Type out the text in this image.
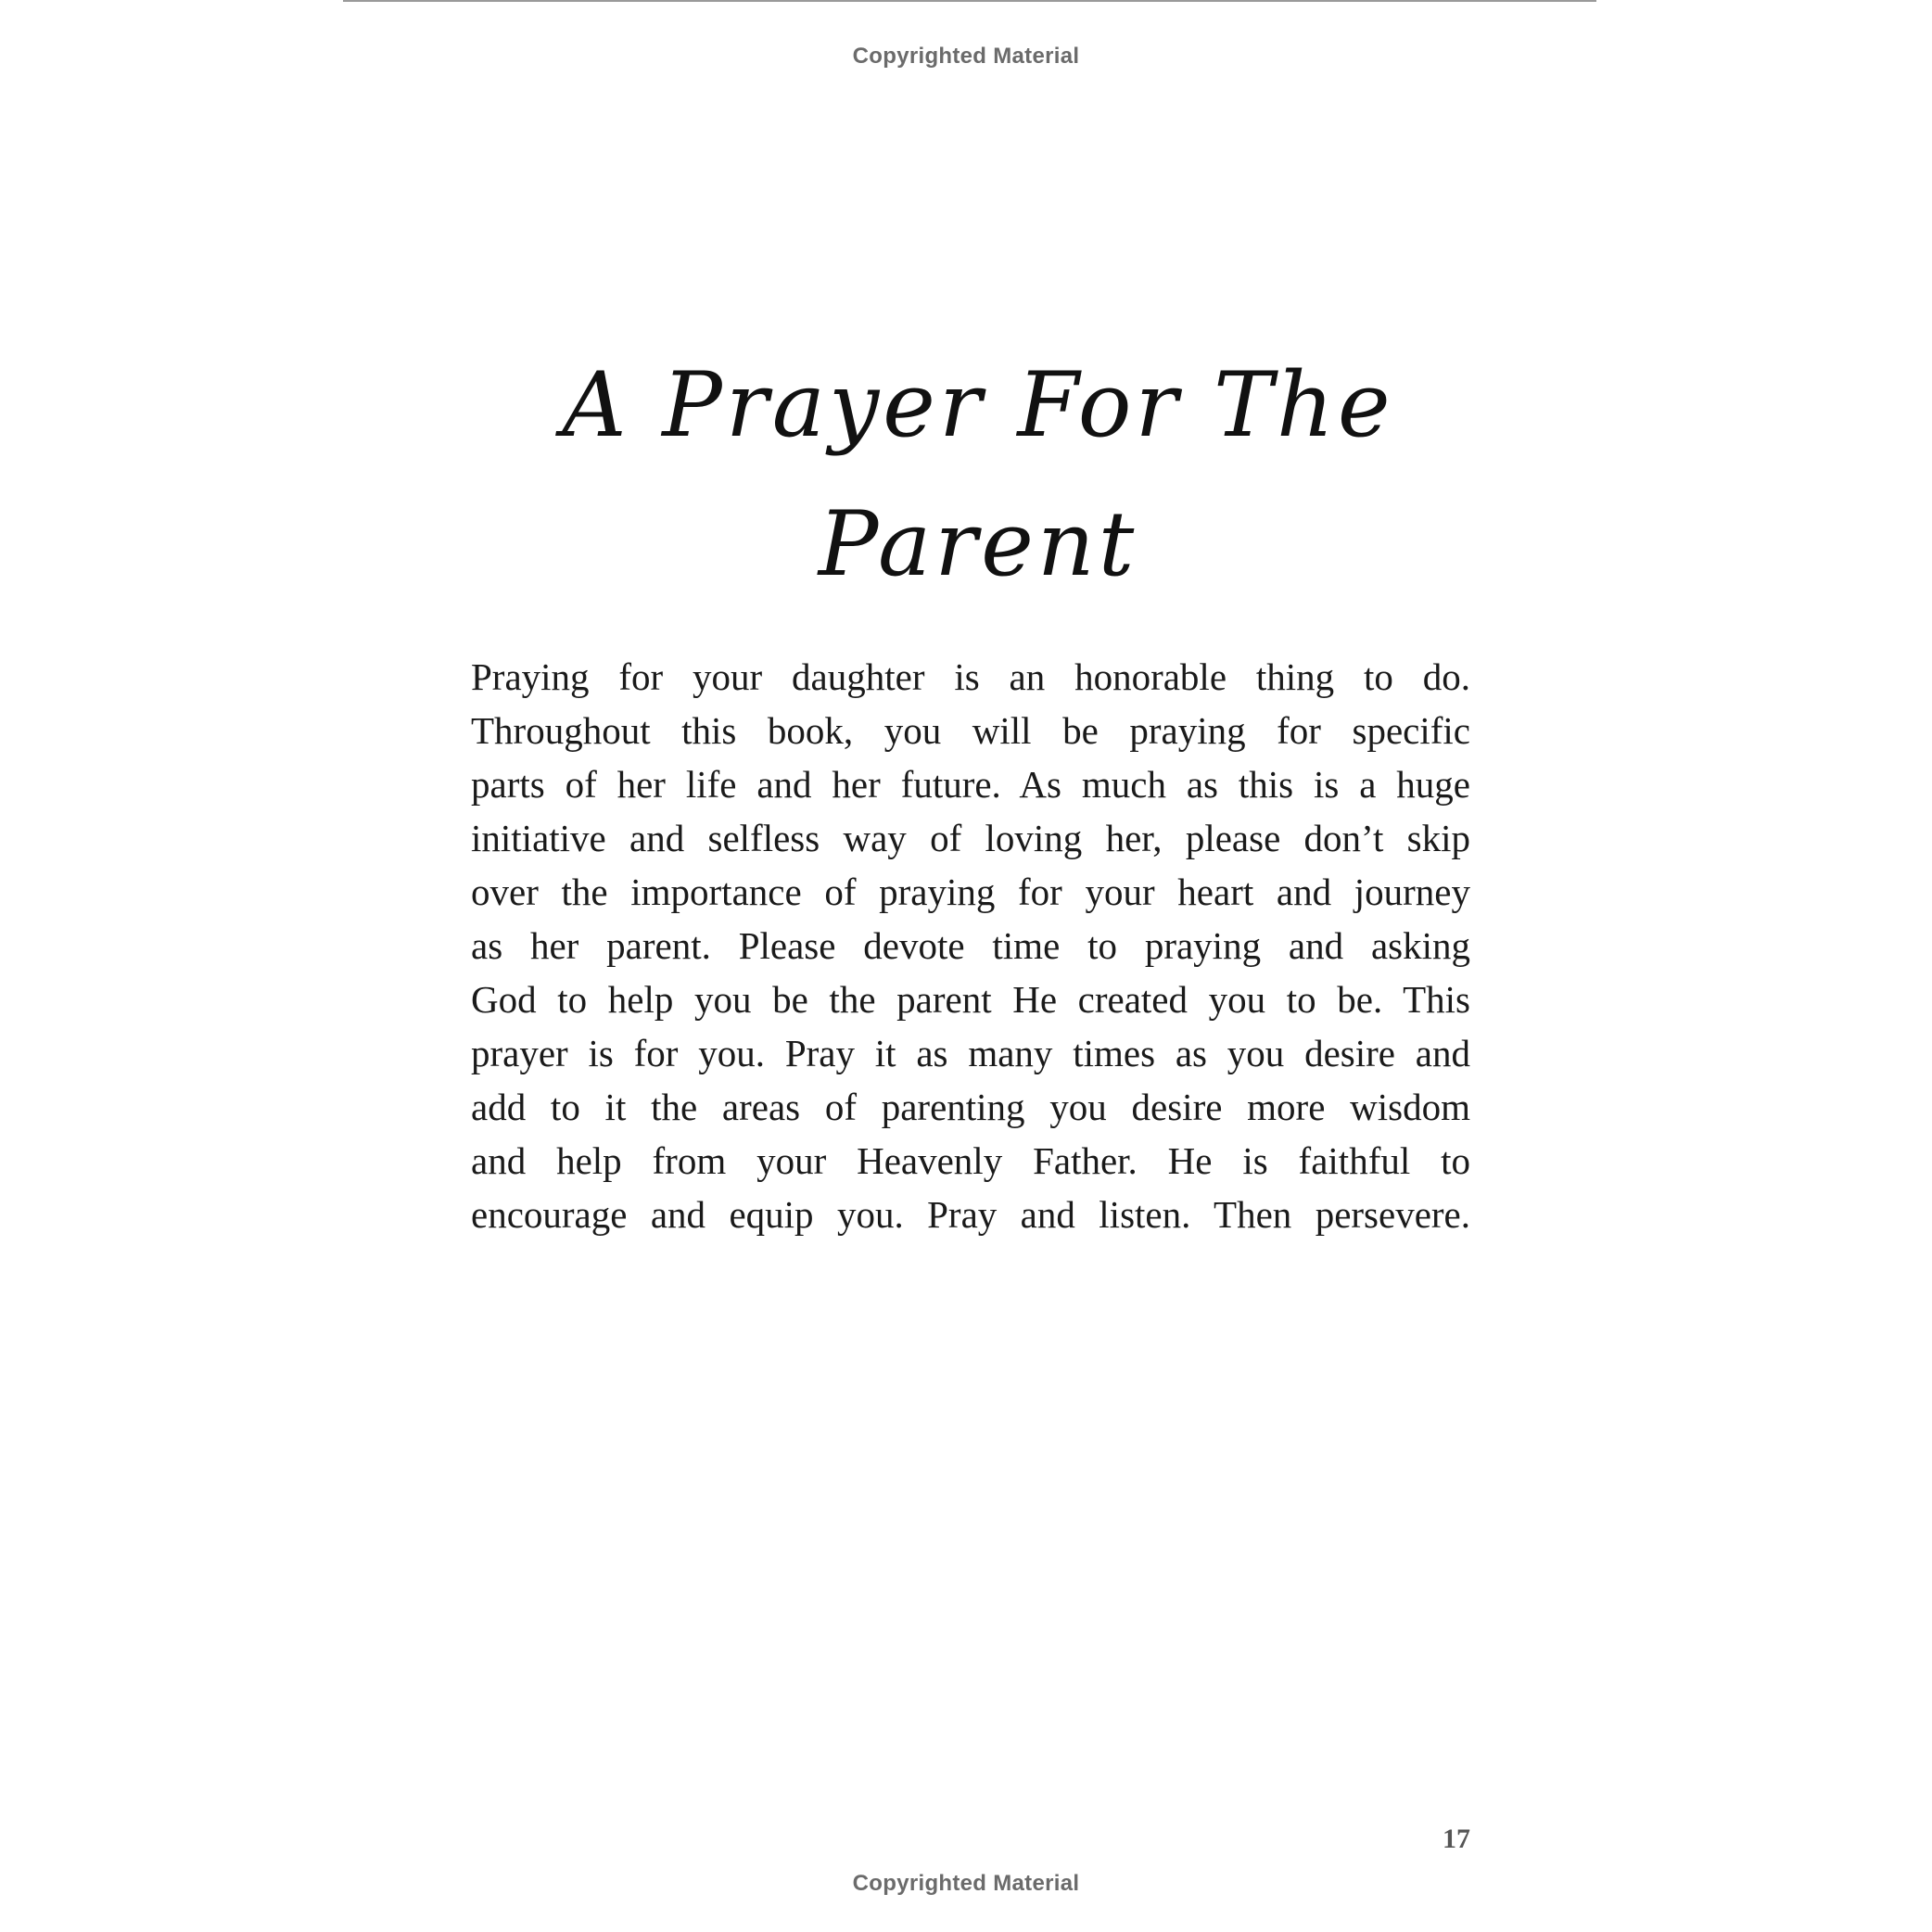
Copyrighted Material
A Prayer For The Parent
Praying for your daughter is an honorable thing to do.
Throughout this book, you will be praying for specific
parts of her life and her future. As much as this is a huge
initiative and selfless way of loving her, please don’t skip
over the importance of praying for your heart and journey
as her parent. Please devote time to praying and asking
God to help you be the parent He created you to be. This
prayer is for you. Pray it as many times as you desire and
add to it the areas of parenting you desire more wisdom
and help from your Heavenly Father. He is faithful to
encourage and equip you. Pray and listen. Then persevere.
17
Copyrighted Material
